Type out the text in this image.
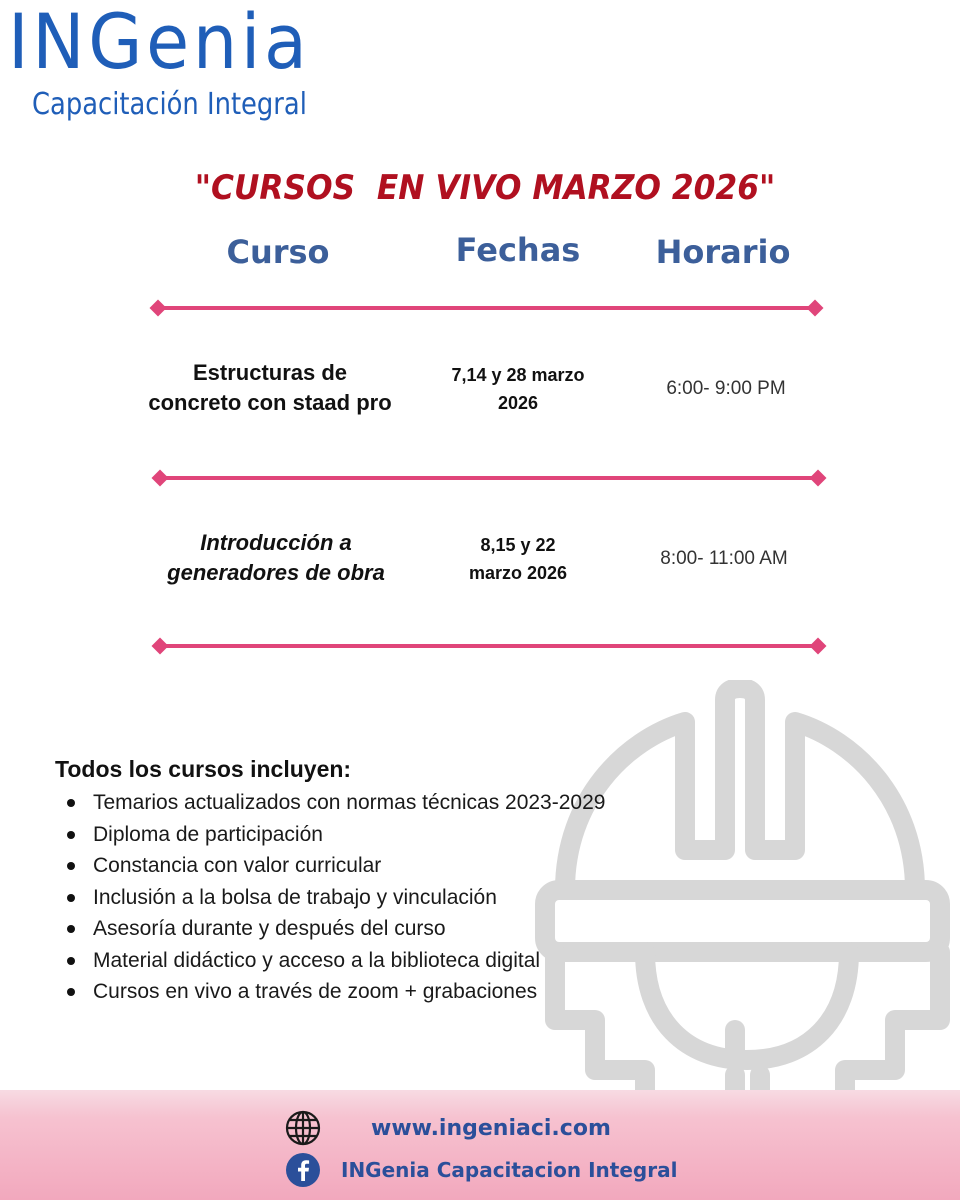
INGenia
Capacitación Integral
"CURSOS  EN VIVO MARZO 2026"
Curso	Fechas	Horario
Estructuras de
concreto con staad pro
7,14 y 28 marzo
2026
6:00- 9:00 PM
Introducción a
generadores de obra
8,15 y 22
marzo 2026
8:00- 11:00 AM
Todos los cursos incluyen:
Temarios actualizados con normas técnicas 2023-2029
Diploma de participación
Constancia con valor curricular
Inclusión a la bolsa de trabajo y vinculación
Asesoría durante y después del curso
Material didáctico y acceso a la biblioteca digital
Cursos en vivo a través de zoom + grabaciones
www.ingeniaci.com
INGenia Capacitacion Integral
